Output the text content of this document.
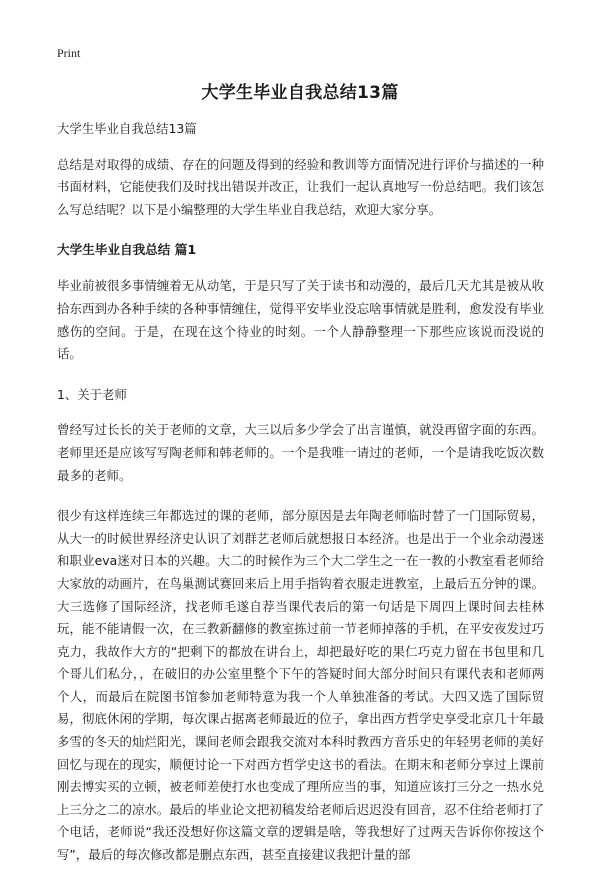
Print
大学生毕业自我总结13篇

大学生毕业自我总结13篇

总结是对取得的成绩、存在的问题及得到的经验和教训等方面情况进行评价与描述的一种书面材料，它能使我们及时找出错误并改正，让我们一起认真地写一份总结吧。我们该怎么写总结呢？以下是小编整理的大学生毕业自我总结，欢迎大家分享。

大学生毕业自我总结 篇1

毕业前被很多事情缠着无从动笔，于是只写了关于读书和动漫的，最后几天尤其是被从收拾东西到办各种手续的各种事情缠住，觉得平安毕业没忘啥事情就是胜利，愈发没有毕业感伤的空间。于是，在现在这个待业的时刻。一个人静静整理一下那些应该说而没说的话。

1、关于老师

曾经写过长长的关于老师的文章，大三以后多少学会了出言谨慎，就没再留字面的东西。老师里还是应该写写陶老师和韩老师的。一个是我唯一请过的老师，一个是请我吃饭次数最多的老师。

很少有这样连续三年都选过的课的老师，部分原因是去年陶老师临时替了一门国际贸易，从大一的时候世界经济史认识了刘群艺老师后就想报日本经济。也是出于一个业余动漫迷和职业eva迷对日本的兴趣。大二的时候作为三个大二学生之一在一教的小教室看老师给大家放的动画片，在鸟巢测试赛回来后上用手指钩着衣服走进教室，上最后五分钟的课。大三选修了国际经济，找老师毛遂自荐当课代表后的第一句话是下周四上课时间去桂林玩，能不能请假一次，在三教新翻修的教室拣过前一节老师掉落的手机，在平安夜发过巧克力，我故作大方的“把剩下的都放在讲台上，却把最好吃的果仁巧克力留在书包里和几个哥儿们私分，，在破旧的办公室里整个下午的答疑时间大部分时间只有课代表和老师两个人，而最后在院图书馆参加老师特意为我一个人单独准备的考试。大四又选了国际贸易，彻底休闲的学期，每次课占据离老师最近的位子，拿出西方哲学史享受北京几十年最多雪的冬天的灿烂阳光，课间老师会跟我交流对本科时教西方音乐史的年轻男老师的美好回忆与现在的现实，顺便讨论一下对西方哲学史这书的看法。在期末和老师分享过上课前刚去博实买的立顿，被老师差使打水也变成了理所应当的事，知道应该打三分之一热水兑上三分之二的凉水。最后的毕业论文把初稿发给老师后迟迟没有回音，忍不住给老师打了个电话，老师说“我还没想好你这篇文章的逻辑是啥，等我想好了过两天告诉你你按这个写”，最后的每次修改都是删点东西，甚至直接建议我把计量的部
